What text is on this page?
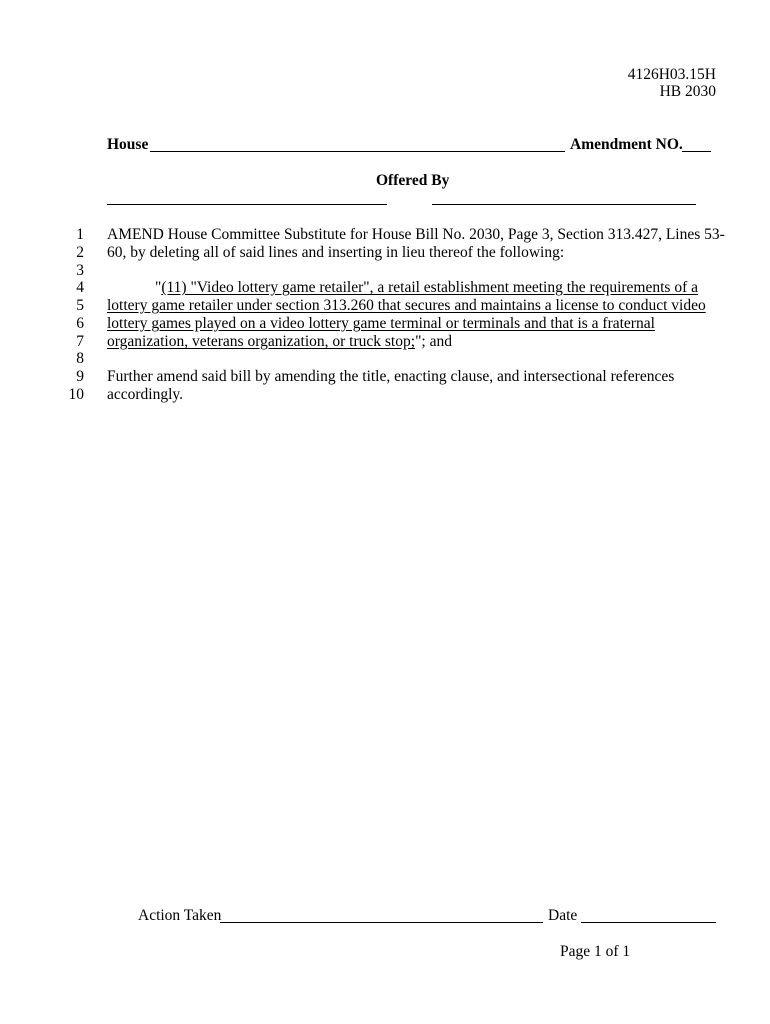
4126H03.15H
HB 2030
House	Amendment NO.
Offered By
1
2
3
4
5
6
7
8
9
10
AMEND House Committee Substitute for House Bill No. 2030, Page 3, Section 313.427, Lines 53-
60, by deleting all of said lines and inserting in lieu thereof the following:
"(11) "Video lottery game retailer", a retail establishment meeting the requirements of a
lottery game retailer under section 313.260 that secures and maintains a license to conduct video
lottery games played on a video lottery game terminal or terminals and that is a fraternal
organization, veterans organization, or truck stop;"; and
Further amend said bill by amending the title, enacting clause, and intersectional references
accordingly.
Action Taken	Date
Page 1 of 1
